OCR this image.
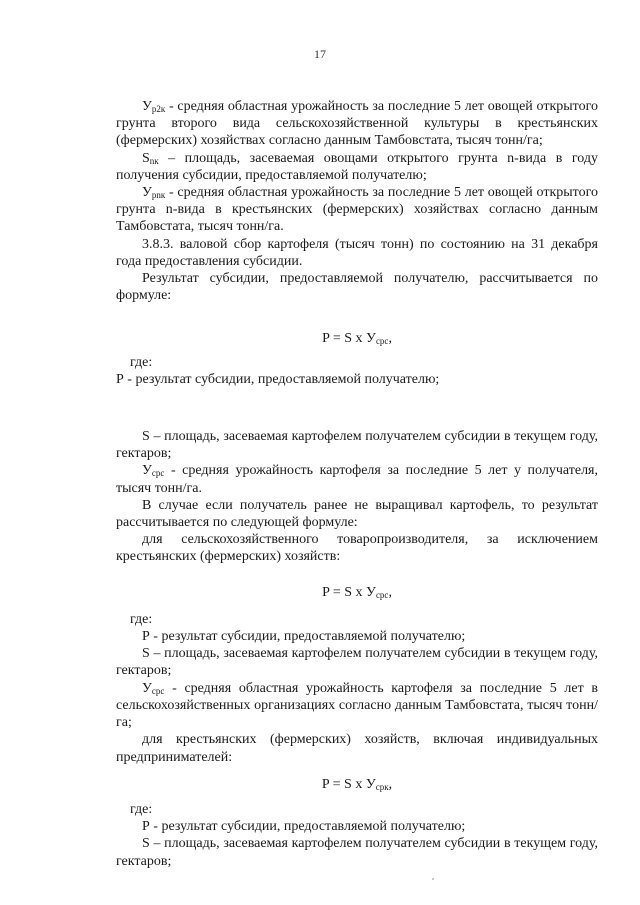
17

$У_{р2к}$ - средняя областная урожайность за последние 5 лет овощей открытого грунта второго вида сельскохозяйственной культуры в крестьянских (фермерских) хозяйствах согласно данным Тамбовстата, тысяч тонн/га;

$S_{nк}$ – площадь, засеваемая овощами открытого грунта n-вида в году получения субсидии, предоставляемой получателю;

$У_{рnк}$ - средняя областная урожайность за последние 5 лет овощей открытого грунта n-вида в крестьянских (фермерских) хозяйствах согласно данным Тамбовстата, тысяч тонн/га.

3.8.3. валовой сбор картофеля (тысяч тонн) по состоянию на 31 декабря года предоставления субсидии.

Результат субсидии, предоставляемой получателю, рассчитывается по формуле:

P = S х $У_{срс}$,

где:

Р - результат субсидии, предоставляемой получателю;

S – площадь, засеваемая картофелем получателем субсидии в текущем году, гектаров;

$У_{срс}$ - средняя урожайность картофеля за последние 5 лет у получателя, тысяч тонн/га.

В случае если получатель ранее не выращивал картофель, то результат рассчитывается по следующей формуле:

для сельскохозяйственного товаропроизводителя, за исключением крестьянских (фермерских) хозяйств:

P = S х $У_{срс}$,

где:

Р - результат субсидии, предоставляемой получателю;

S – площадь, засеваемая картофелем получателем субсидии в текущем году, гектаров;

$У_{срс}$ - средняя областная урожайность картофеля за последние 5 лет в сельскохозяйственных организациях согласно данным Тамбовстата, тысяч тонн/га;

для крестьянских (фермерских) хозяйств, включая индивидуальных предпринимателей:

P = S х $У_{срк}$,

где:

Р - результат субсидии, предоставляемой получателю;

S – площадь, засеваемая картофелем получателем субсидии в текущем году, гектаров;
